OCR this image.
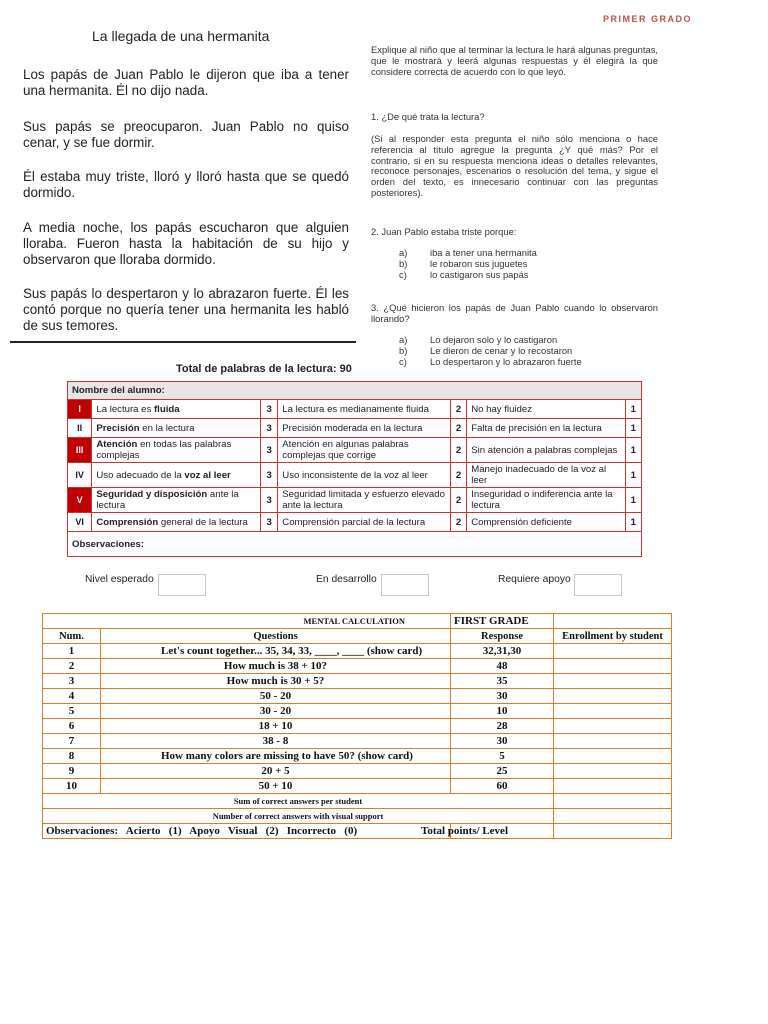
PRIMER GRADO
La llegada de una hermanita
Los papás de Juan Pablo le dijeron que iba a tener una hermanita. Él no dijo nada.
Sus papás se preocuparon. Juan Pablo no quiso cenar, y se fue dormir.
Él estaba muy triste, lloró y lloró hasta que se quedó dormido.
A media noche, los papás escucharon que alguien lloraba. Fueron hasta la habitación de su hijo y observaron que lloraba dormido.
Sus papás lo despertaron y lo abrazaron fuerte. Él les contó porque no quería tener una hermanita les habló de sus temores.
Total de palabras de la lectura: 90
Explique al niño que al terminar la lectura le hará algunas preguntas, que le mostrará y leerá algunas respuestas y él elegirá la que considere correcta de acuerdo con lo que leyó.
1. ¿De qué trata la lectura?
(Si al responder esta pregunta el niño sólo menciona o hace referencia al título agregue la pregunta ¿Y qué más? Por el contrario, si en su respuesta menciona ideas o detalles relevantes, reconoce personajes, escenarios o resolución del tema, y sigue el orden del texto, es innecesario continuar con las preguntas posteriores).
2. Juan Pablo estaba triste porque:
a) iba a tener una hermanita
b) le robaron sus juguetes
c) lo castigaron sus papás
3. ¿Qué hicieron los papás de Juan Pablo cuando lo observaron llorando?
a) Lo dejaron solo y lo castigaron
b) Le dieron de cenar y lo recostaron
c) Lo despertaron y lo abrazaron fuerte
Nombre del alumno:						
I	La lectura es fluida	3	La lectura es medianamente fluida	2	No hay fluidez	1
II	Precisión en la lectura	3	Precisión moderada en la lectura	2	Falta de precisión en la lectura	1
III	Atención en todas las palabras complejas	3	Atención en algunas palabras complejas que corrige	2	Sin atención a palabras complejas	1
IV	Uso adecuado de la voz al leer	3	Uso inconsistente de la voz al leer	2	Manejo inadecuado de la voz al leer	1
V	Seguridad y disposición ante la lectura	3	Seguridad limitada y esfuerzo elevado ante la lectura	2	Inseguridad o indiferencia ante la lectura	1
VI	Comprensión general de la lectura	3	Comprensión parcial de la lectura	2	Comprensión deficiente	1
Observaciones:						
Nivel esperado	En desarrollo	Requiere apoyo
MENTAL CALCULATION	FIRST GRADE	
Num.	Questions	Response	Enrollment by student
1	Let's count together... 35, 34, 33, ____, ____ (show card)	32,31,30	
2	How much is 38 + 10?	48	
3	How much is 30 + 5?	35	
4	50 - 20	30	
5	30 - 20	10	
6	18 + 10	28	
7	38 - 8	30	
8	How many colors are missing to have 50? (show card)	5	
9	20 + 5	25	
10	50 + 10	60	
Sum of correct answers per student	
Number of correct answers with visual support	
Observaciones:   Acierto   (1)   Apoyo   Visual   (2)   Incorrecto   (0)	Total points/ Level	
